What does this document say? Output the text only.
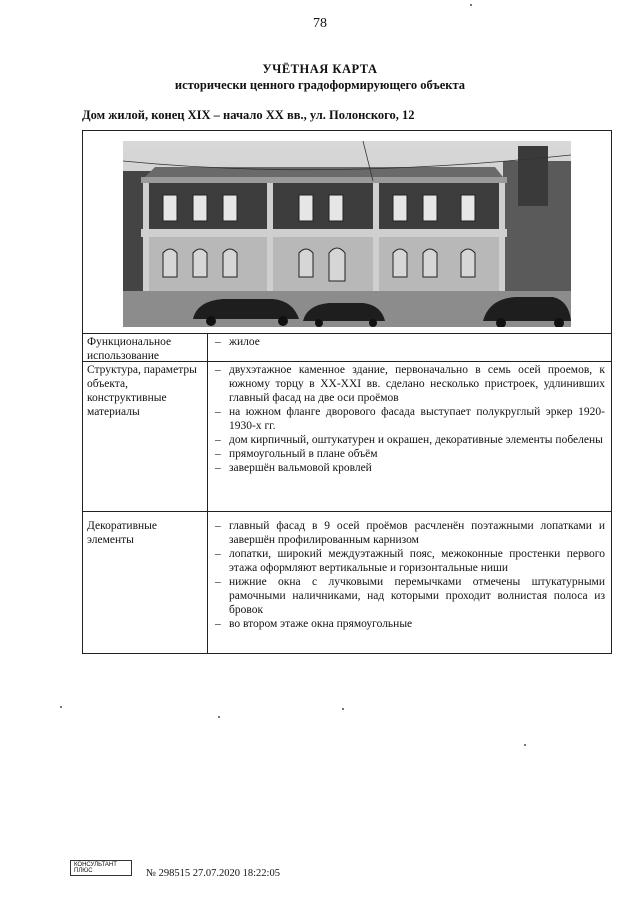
78
УЧЁТНАЯ КАРТА
исторически ценного градоформирующего объекта
Дом жилой, конец XIX – начало XX вв., ул. Полонского, 12
Функциональное использование
– жилое
Структура, параметры объекта, конструктивные материалы
– двухэтажное каменное здание, первоначально в семь осей проемов, к южному торцу в XX-XXI вв. сделано несколько пристроек, удлинивших главный фасад на две оси проёмов
– на южном фланге дворового фасада выступает полукруглый эркер 1920-1930-х гг.
– дом кирпичный, оштукатурен и окрашен, декоративные элементы побелены
– прямоугольный в плане объём
– завершён вальмовой кровлей
Декоративные элементы
– главный фасад в 9 осей проёмов расчленён поэтажными лопатками и завершён профилированным карнизом
– лопатки, широкий междуэтажный пояс, межоконные простенки первого этажа оформляют вертикальные и горизонтальные ниши
– нижние окна с лучковыми перемычками отмечены штукатурными рамочными наличниками, над которыми проходит волнистая полоса из бровок
– во втором этаже окна прямоугольные
КОНСУЛЬТАНТ ПЛЮС	№ 298515 27.07.2020 18:22:05
